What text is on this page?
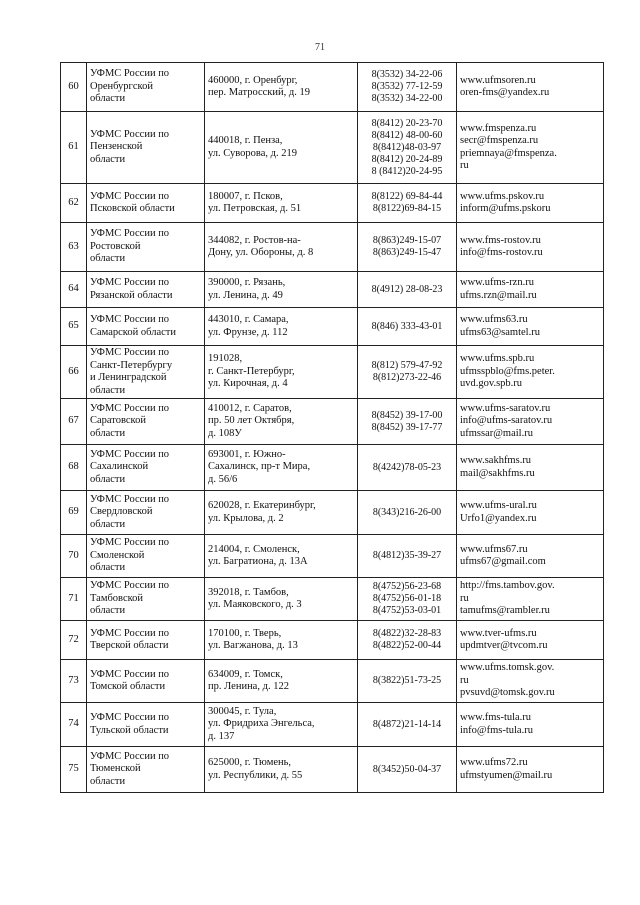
71
60	УФМС России по
Оренбургской
области	460000, г. Оренбург,
пер. Матросский, д. 19	8(3532) 34-22-06
8(3532) 77-12-59
8(3532) 34-22-00	www.ufmsoren.ru
oren-fms@yandex.ru
61	УФМС России по
Пензенской
области	440018, г. Пенза,
ул. Суворова, д. 219	8(8412) 20-23-70
8(8412) 48-00-60
8(8412)48-03-97
8(8412) 20-24-89
8 (8412)20-24-95	www.fmspenza.ru
secr@fmspenza.ru
priemnaya@fmspenza.
ru
62	УФМС России по
Псковской области	180007, г. Псков,
ул. Петровская, д. 51	8(8122) 69-84-44
8(8122)69-84-15	www.ufms.pskov.ru
inform@ufms.pskoru
63	УФМС России по
Ростовской
области	344082, г. Ростов-на-
Дону, ул. Обороны, д. 8	8(863)249-15-07
8(863)249-15-47	www.fms-rostov.ru
info@fms-rostov.ru
64	УФМС России по
Рязанской области	390000, г. Рязань,
ул. Ленина, д. 49	8(4912) 28-08-23	www.ufms-rzn.ru
ufms.rzn@mail.ru
65	УФМС России по
Самарской области	443010, г. Самара,
ул. Фрунзе, д. 112	8(846) 333-43-01	www.ufms63.ru
ufms63@samtel.ru
66	УФМС России по
Санкт-Петербургу
и Ленинградской
области	191028,
г. Санкт-Петербург,
ул. Кирочная, д. 4	8(812) 579-47-92
8(812)273-22-46	www.ufms.spb.ru
ufmsspblo@fms.peter.
uvd.gov.spb.ru
67	УФМС России по
Саратовской
области	410012, г. Саратов,
пр. 50 лет Октября,
д. 108У	8(8452) 39-17-00
8(8452) 39-17-77	www.ufms-saratov.ru
info@ufms-saratov.ru
ufmssar@mail.ru
68	УФМС России по
Сахалинской
области	693001, г. Южно-
Сахалинск, пр-т Мира,
д. 56/6	8(4242)78-05-23	www.sakhfms.ru
mail@sakhfms.ru
69	УФМС России по
Свердловской
области	620028, г. Екатеринбург,
ул. Крылова, д. 2	8(343)216-26-00	www.ufms-ural.ru
Urfo1@yandex.ru
70	УФМС России по
Смоленской
области	214004, г. Смоленск,
ул. Багратиона, д. 13А	8(4812)35-39-27	www.ufms67.ru
ufms67@gmail.com
71	УФМС России по
Тамбовской
области	392018, г. Тамбов,
ул. Маяковского, д. 3	8(4752)56-23-68
8(4752)56-01-18
8(4752)53-03-01	http://fms.tambov.gov.
ru
tamufms@rambler.ru
72	УФМС России по
Тверской области	170100, г. Тверь,
ул. Вагжанова, д. 13	8(4822)32-28-83
8(4822)52-00-44	www.tver-ufms.ru
updmtver@tvcom.ru
73	УФМС России по
Томской области	634009, г. Томск,
пр. Ленина, д. 122	8(3822)51-73-25	www.ufms.tomsk.gov.
ru
pvsuvd@tomsk.gov.ru
74	УФМС России по
Тульской области	300045, г. Тула,
ул. Фридриха Энгельса,
д. 137	8(4872)21-14-14	www.fms-tula.ru
info@fms-tula.ru
75	УФМС России по
Тюменской
области	625000, г. Тюмень,
ул. Республики, д. 55	8(3452)50-04-37	www.ufms72.ru
ufmstyumen@mail.ru
